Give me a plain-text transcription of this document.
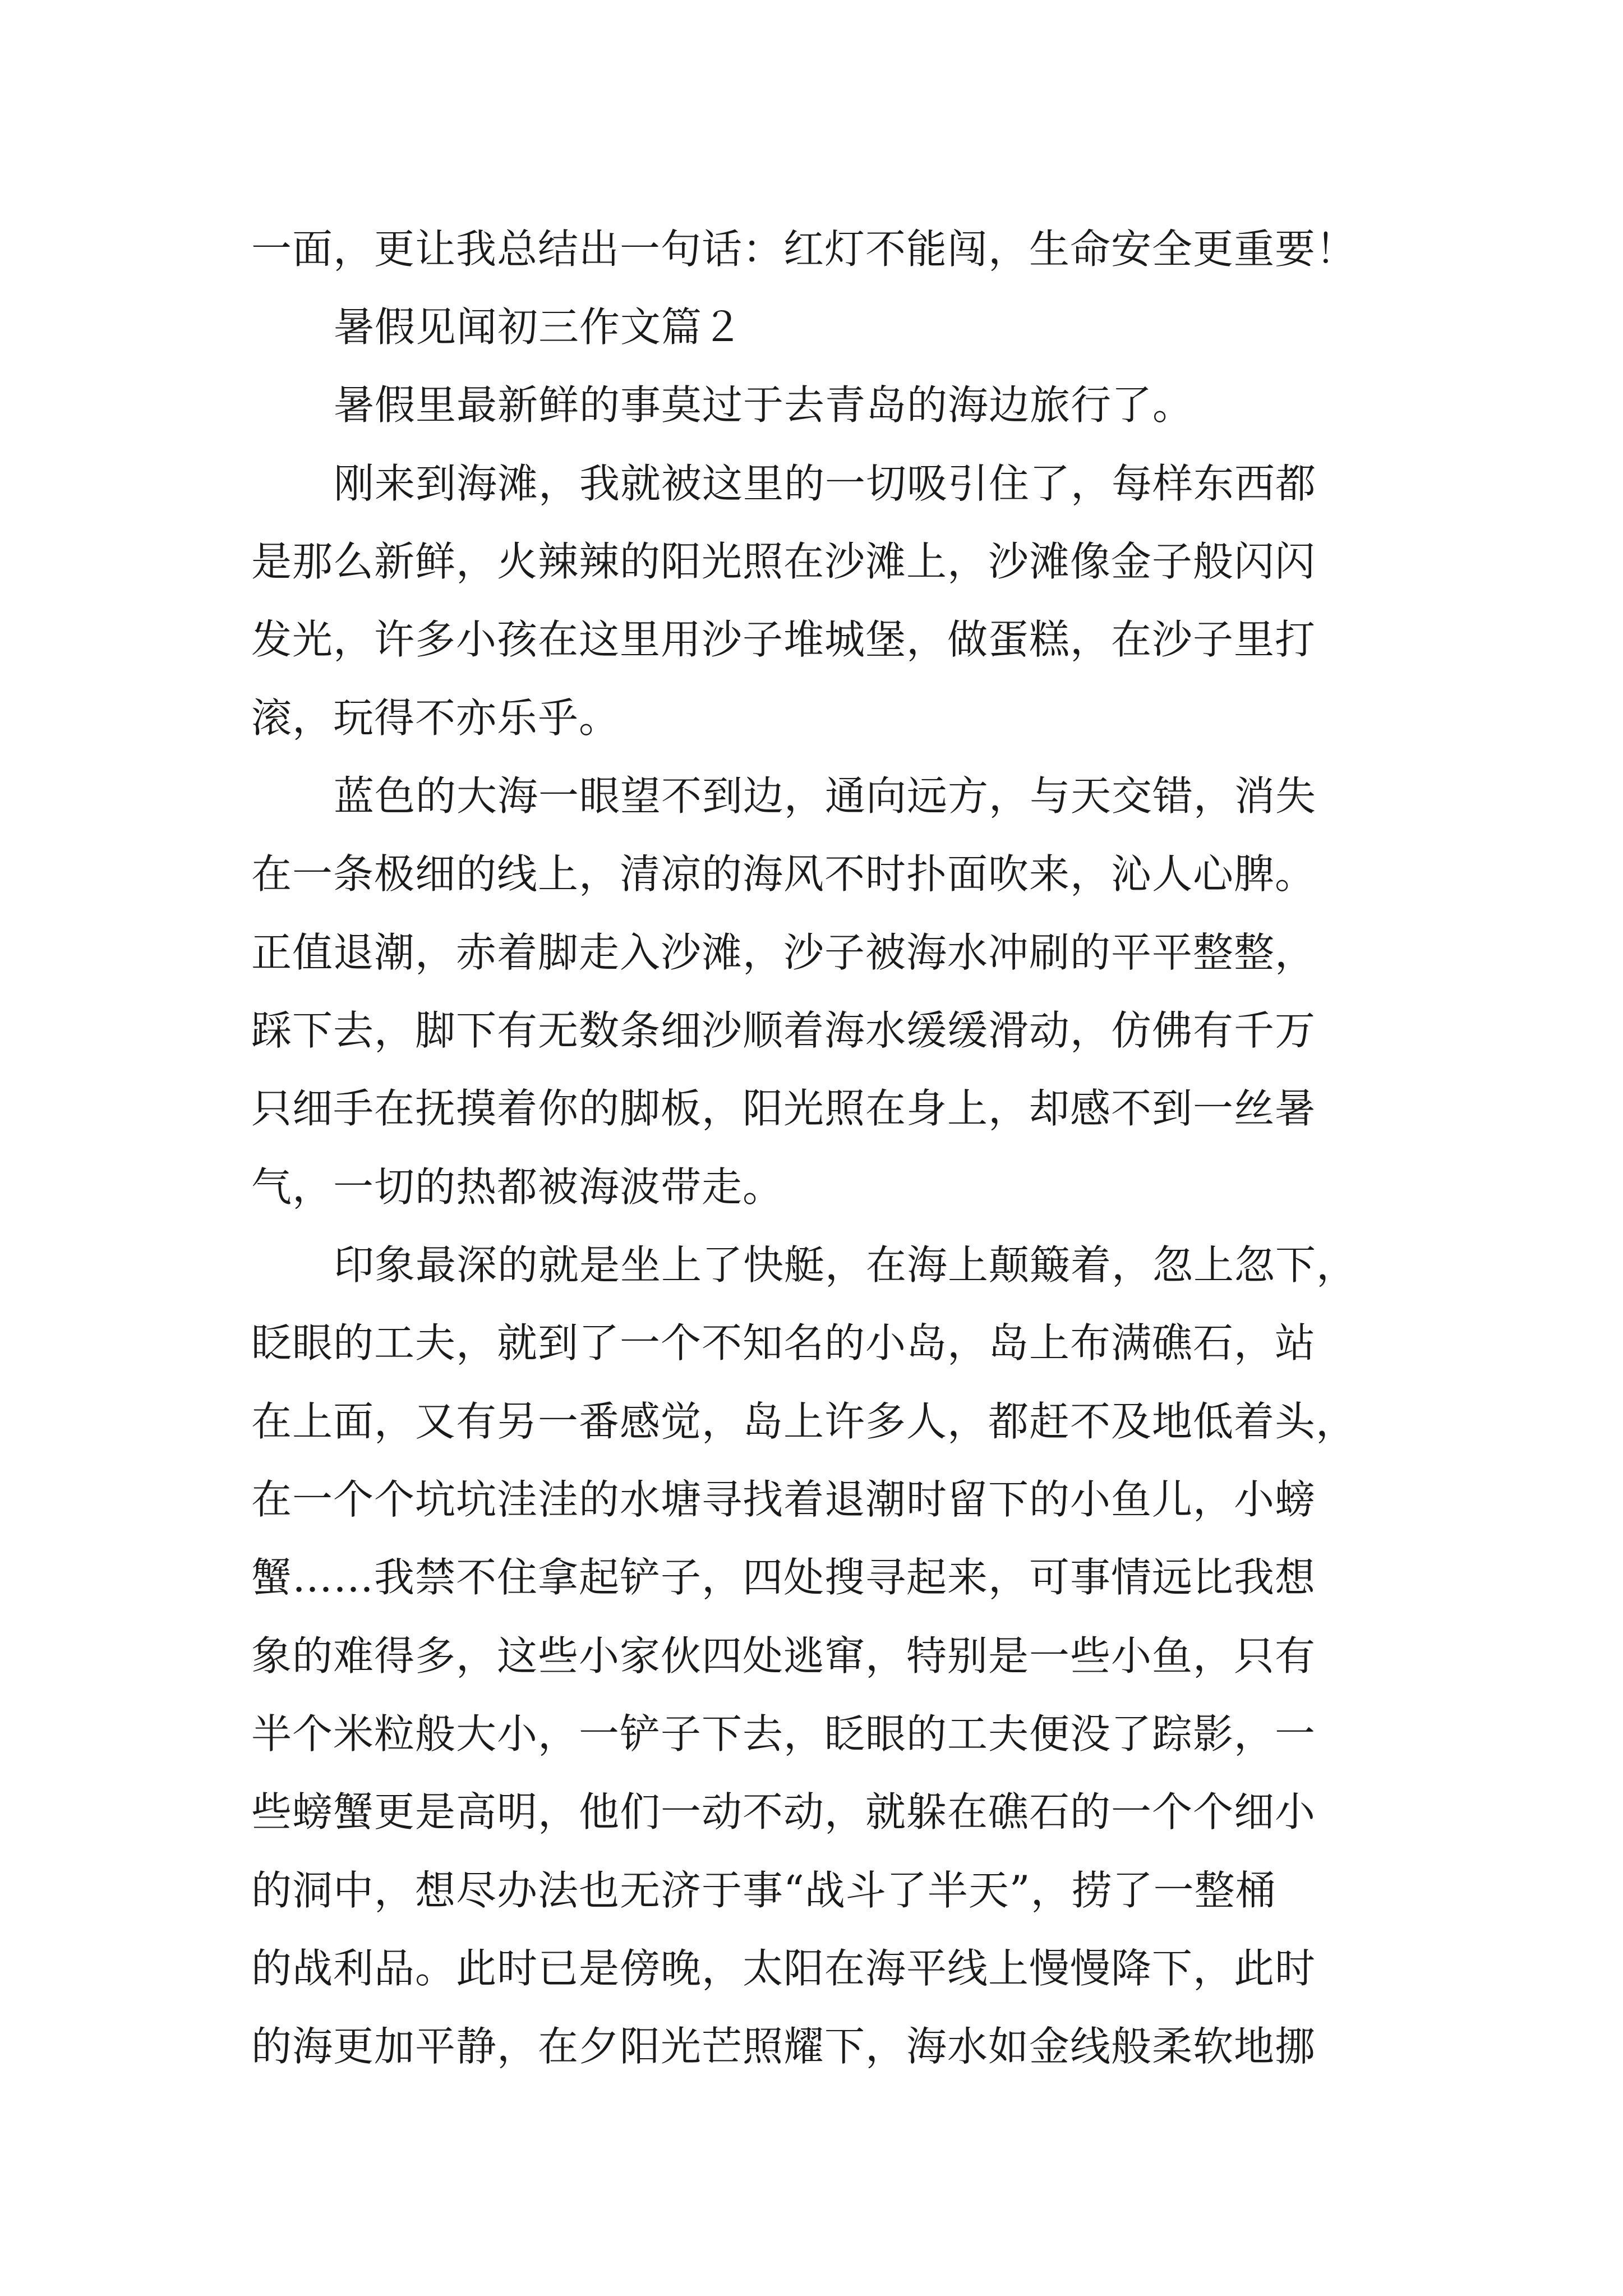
一面，更让我总结出一句话：红灯不能闯，生命安全更重要！
暑假见闻初三作文篇２
暑假里最新鲜的事莫过于去青岛的海边旅行了。
刚来到海滩，我就被这里的一切吸引住了，每样东西都
是那么新鲜，火辣辣的阳光照在沙滩上，沙滩像金子般闪闪
发光，许多小孩在这里用沙子堆城堡，做蛋糕，在沙子里打
滚，玩得不亦乐乎。
蓝色的大海一眼望不到边，通向远方，与天交错，消失
在一条极细的线上，清凉的海风不时扑面吹来，沁人心脾。
正值退潮，赤着脚走入沙滩，沙子被海水冲刷的平平整整，
踩下去，脚下有无数条细沙顺着海水缓缓滑动，仿佛有千万
只细手在抚摸着你的脚板，阳光照在身上，却感不到一丝暑
气，一切的热都被海波带走。
印象最深的就是坐上了快艇，在海上颠簸着，忽上忽下，
眨眼的工夫，就到了一个不知名的小岛，岛上布满礁石，站
在上面，又有另一番感觉，岛上许多人，都赶不及地低着头，
在一个个坑坑洼洼的水塘寻找着退潮时留下的小鱼儿，小螃
蟹……我禁不住拿起铲子，四处搜寻起来，可事情远比我想
象的难得多，这些小家伙四处逃窜，特别是一些小鱼，只有
半个米粒般大小，一铲子下去，眨眼的工夫便没了踪影，一
些螃蟹更是高明，他们一动不动，就躲在礁石的一个个细小
的洞中，想尽办法也无济于事“战斗了半天”，捞了一整桶
的战利品。此时已是傍晚，太阳在海平线上慢慢降下，此时
的海更加平静，在夕阳光芒照耀下，海水如金线般柔软地挪
